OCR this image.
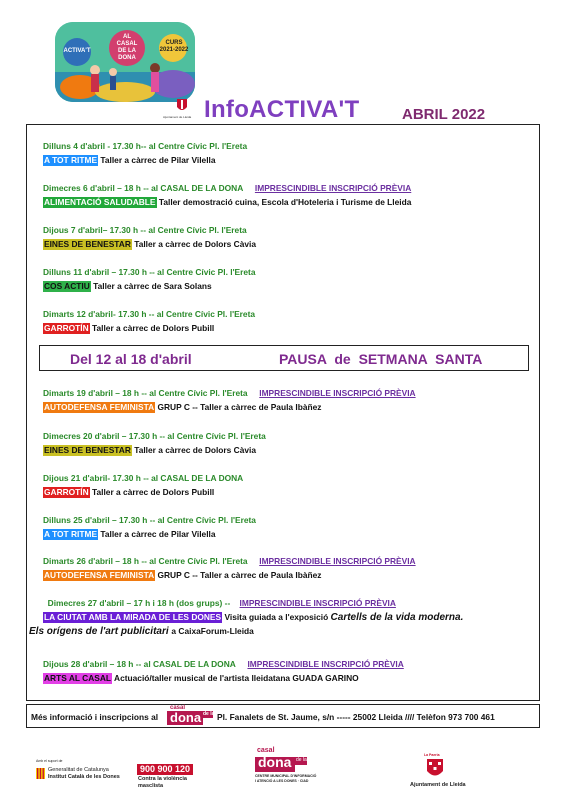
ACTIVA'T
AL
CASAL
DE LA
DONA
CURS
2021-2022
Ajuntament de Lleida InfoACTIVA'T	ABRIL 2022
Dilluns 4 d'abril - 17.30 h-- al Centre Cívic Pl. l'Ereta
A TOT RITME Taller a càrrec de Pilar Vilella
Dimecres 6 d'abril – 18 h -- al CASAL DE LA DONA IMPRESCINDIBLE INSCRIPCIÓ PRÈVIA
ALIMENTACIÓ SALUDABLE Taller demostració cuina, Escola d'Hoteleria i Turisme de Lleida
Dijous 7 d'abril– 17.30 h -- al Centre Cívic Pl. l'Ereta
EINES DE BENESTAR Taller a càrrec de Dolors Càvia
Dilluns 11 d'abril – 17.30 h -- al Centre Cívic Pl. l'Ereta
COS ACTIU Taller a càrrec de Sara Solans
Dimarts 12 d'abril- 17.30 h -- al Centre Cívic Pl. l'Ereta
GARROTÍN Taller a càrrec de Dolors Pubill
Del 12 al 18 d'abril	PAUSA de SETMANA SANTA
Dimarts 19 d'abril – 18 h -- al Centre Cívic Pl. l'Ereta IMPRESCINDIBLE INSCRIPCIÓ PRÈVIA
AUTODEFENSA FEMINISTA GRUP C -- Taller a càrrec de Paula Ibàñez
Dimecres 20 d'abril – 17.30 h -- al Centre Cívic Pl. l'Ereta
EINES DE BENESTAR Taller a càrrec de Dolors Càvia
Dijous 21 d'abril- 17.30 h -- al CASAL DE LA DONA
GARROTÍN Taller a càrrec de Dolors Pubill
Dilluns 25 d'abril – 17.30 h -- al Centre Cívic Pl. l'Ereta
A TOT RITME Taller a càrrec de Pilar Vilella
Dimarts 26 d'abril – 18 h -- al Centre Cívic Pl. l'Ereta IMPRESCINDIBLE INSCRIPCIÓ PRÈVIA
AUTODEFENSA FEMINISTA GRUP C -- Taller a càrrec de Paula Ibàñez
Dimecres 27 d'abril – 17 h i 18 h (dos grups) -- IMPRESCINDIBLE INSCRIPCIÓ PRÈVIA
LA CIUTAT AMB LA MIRADA DE LES DONES Visita guiada a l'exposició Cartells de la vida moderna.
Els orígens de l'art publicitari a CaixaForum-Lleida
Dijous 28 d'abril – 18 h -- al CASAL DE LA DONA IMPRESCINDIBLE INSCRIPCIÓ PRÈVIA
ARTS AL CASAL Actuació/taller musical de l'artista lleidatana GUADA GARINO
Més informació i inscripcions al
casal
dona de la Pl. Fanalets de St. Jaume, s/n ----- 25002 Lleida //// Telèfon 973 700 461
Amb el suport de
Generalitat de Catalunya
Institut Català de les Dones
900 900 120
Contra la violència
masclista
casal
dona de la
CENTRE MUNICIPAL D'INFORMACIÓ
I ATENCIÓ A LES DONES · CIAD
La Paeria
Ajuntament de Lleida
